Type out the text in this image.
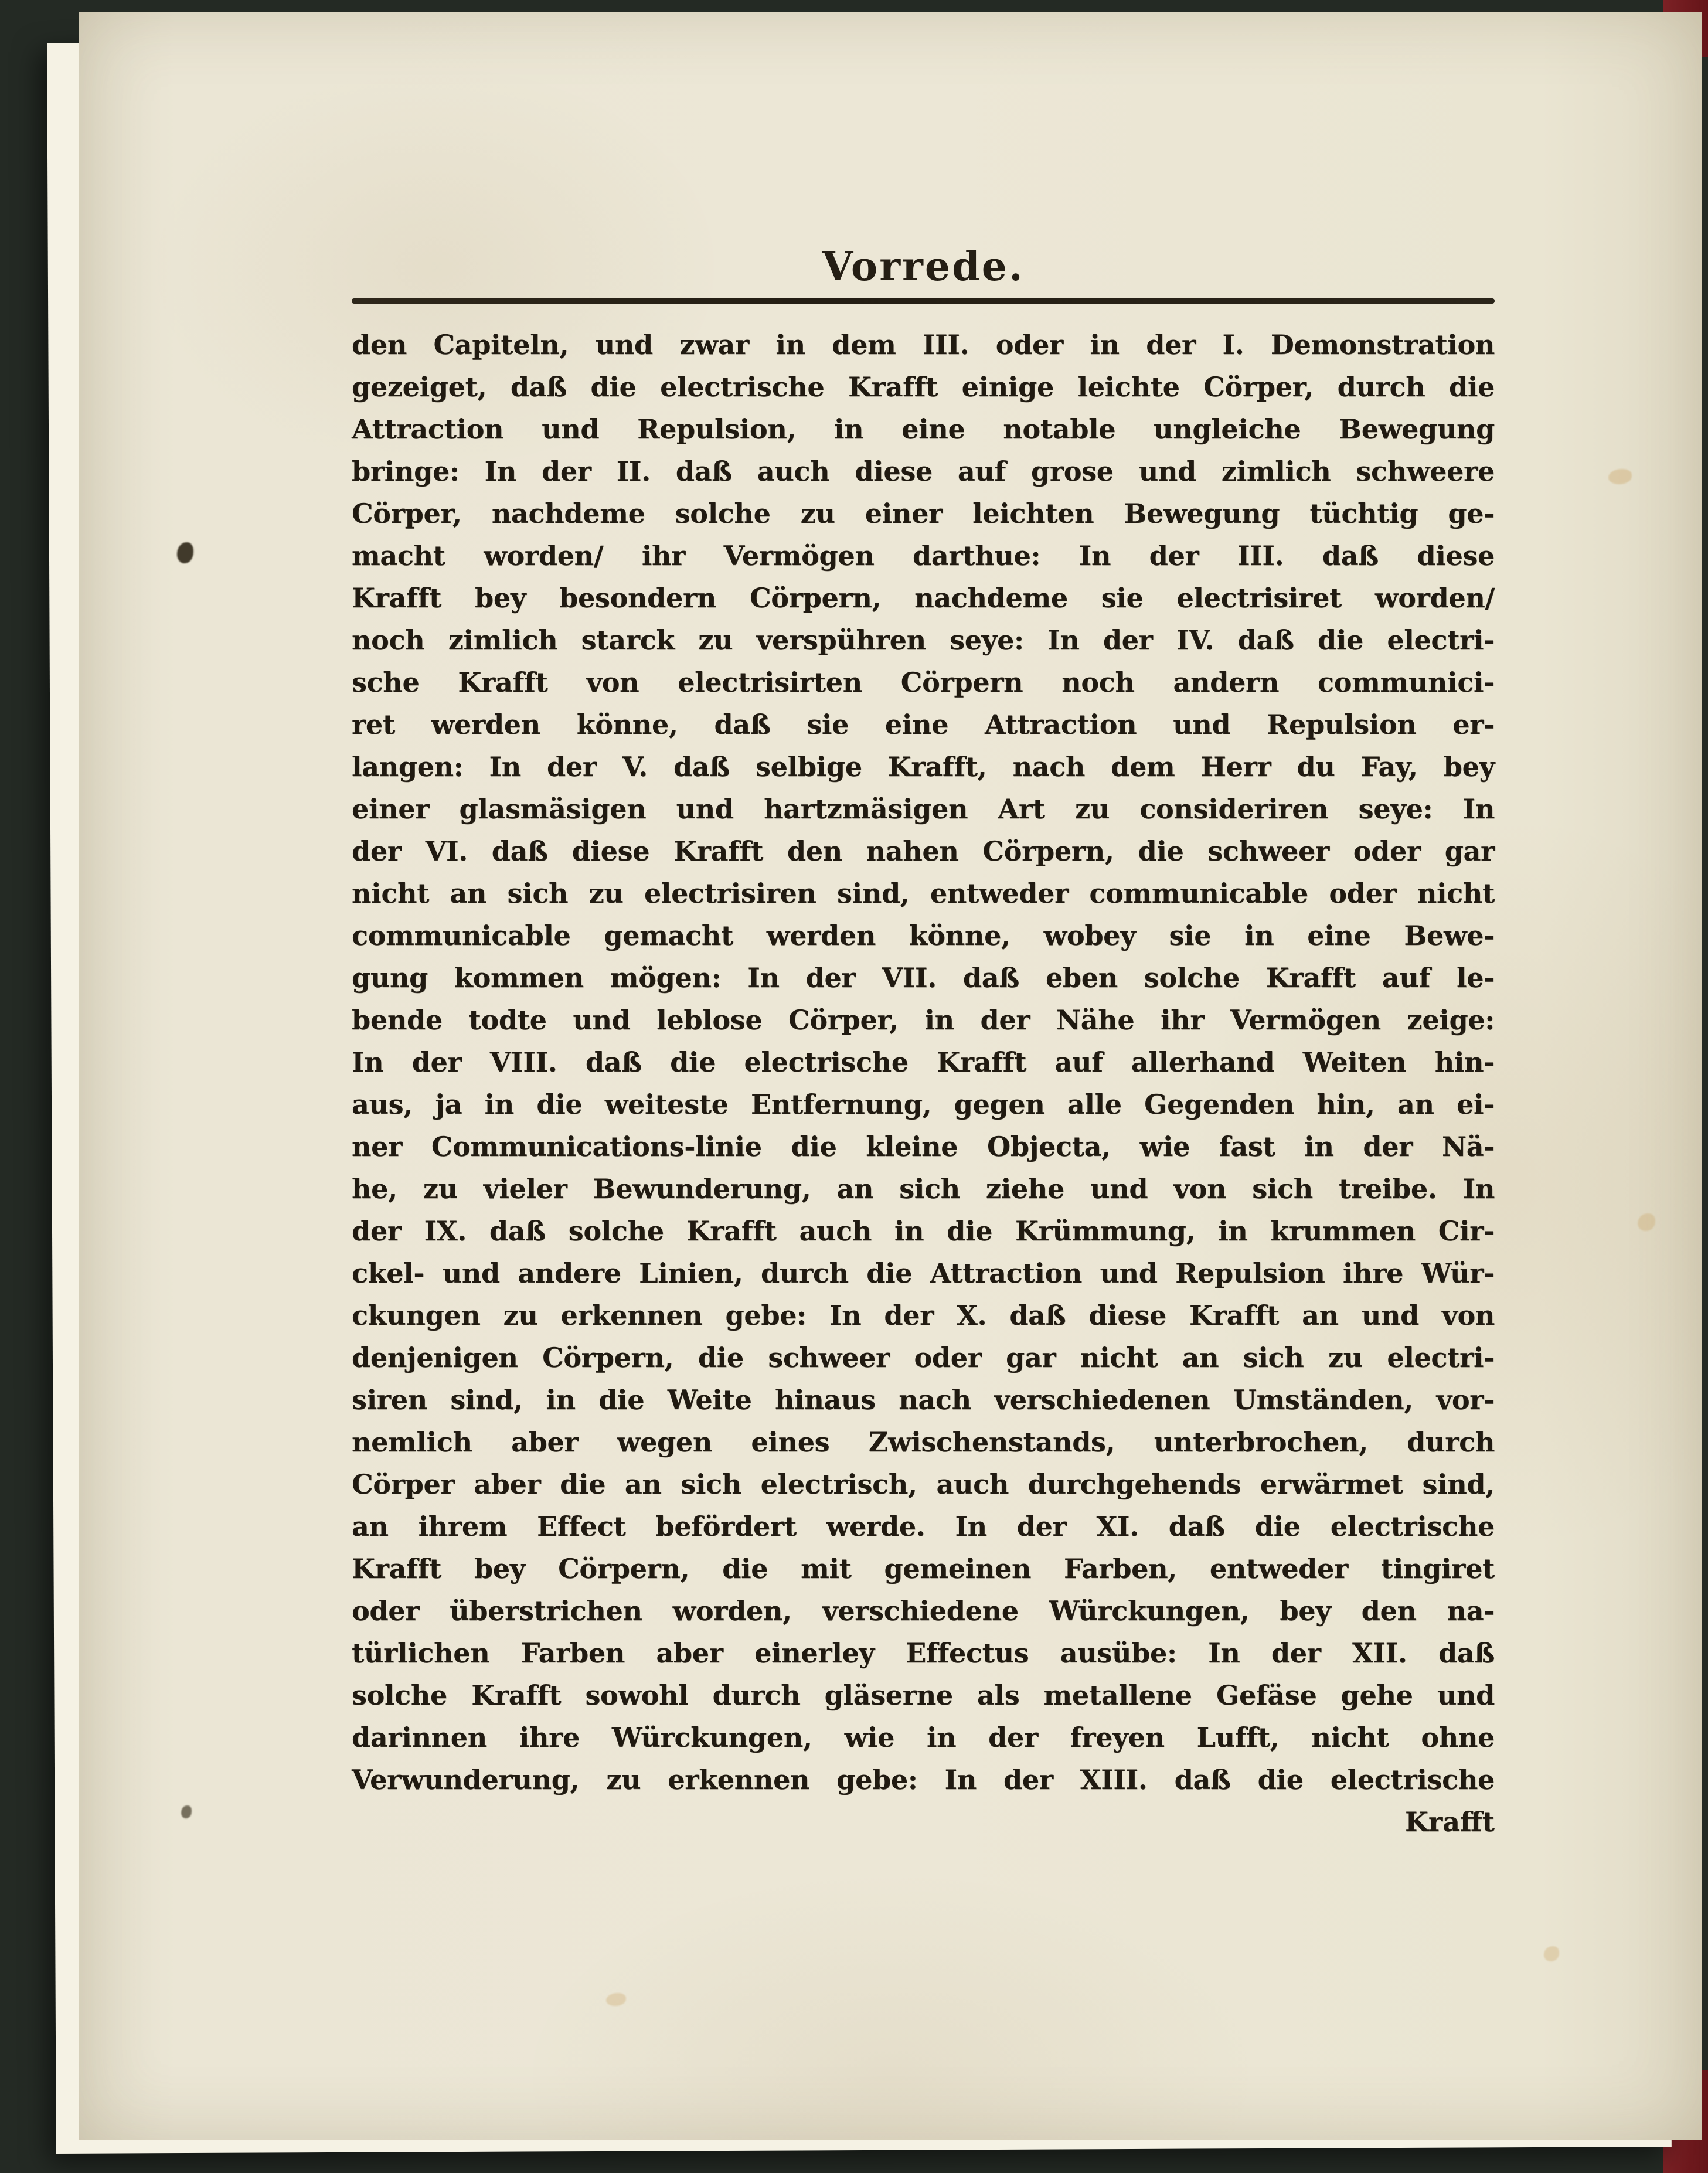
Vorrede.
den Capiteln, und zwar in dem III. oder in der I. Demonstration
gezeiget, daß die electrische Krafft einige leichte Cörper, durch die
Attraction und Repulsion, in eine notable ungleiche Bewegung
bringe: In der II. daß auch diese auf grose und zimlich schweere
Cörper, nachdeme solche zu einer leichten Bewegung tüchtig ge-
macht worden/ ihr Vermögen darthue: In der III. daß diese
Krafft bey besondern Cörpern, nachdeme sie electrisiret worden/
noch zimlich starck zu verspühren seye: In der IV. daß die electri-
sche Krafft von electrisirten Cörpern noch andern communici-
ret werden könne, daß sie eine Attraction und Repulsion er-
langen: In der V. daß selbige Krafft, nach dem Herr du Fay, bey
einer glasmäsigen und hartzmäsigen Art zu consideriren seye: In
der VI. daß diese Krafft den nahen Cörpern, die schweer oder gar
nicht an sich zu electrisiren sind, entweder communicable oder nicht
communicable gemacht werden könne, wobey sie in eine Bewe-
gung kommen mögen: In der VII. daß eben solche Krafft auf le-
bende todte und leblose Cörper, in der Nähe ihr Vermögen zeige:
In der VIII. daß die electrische Krafft auf allerhand Weiten hin-
aus, ja in die weiteste Entfernung, gegen alle Gegenden hin, an ei-
ner Communications-linie die kleine Objecta, wie fast in der Nä-
he, zu vieler Bewunderung, an sich ziehe und von sich treibe. In
der IX. daß solche Krafft auch in die Krümmung, in krummen Cir-
ckel- und andere Linien, durch die Attraction und Repulsion ihre Wür-
ckungen zu erkennen gebe: In der X. daß diese Krafft an und von
denjenigen Cörpern, die schweer oder gar nicht an sich zu electri-
siren sind, in die Weite hinaus nach verschiedenen Umständen, vor-
nemlich aber wegen eines Zwischenstands, unterbrochen, durch
Cörper aber die an sich electrisch, auch durchgehends erwärmet sind,
an ihrem Effect befördert werde. In der XI. daß die electrische
Krafft bey Cörpern, die mit gemeinen Farben, entweder tingiret
oder überstrichen worden, verschiedene Würckungen, bey den na-
türlichen Farben aber einerley Effectus ausübe: In der XII. daß
solche Krafft sowohl durch gläserne als metallene Gefäse gehe und
darinnen ihre Würckungen, wie in der freyen Lufft, nicht ohne
Verwunderung, zu erkennen gebe: In der XIII. daß die electrische
Krafft
